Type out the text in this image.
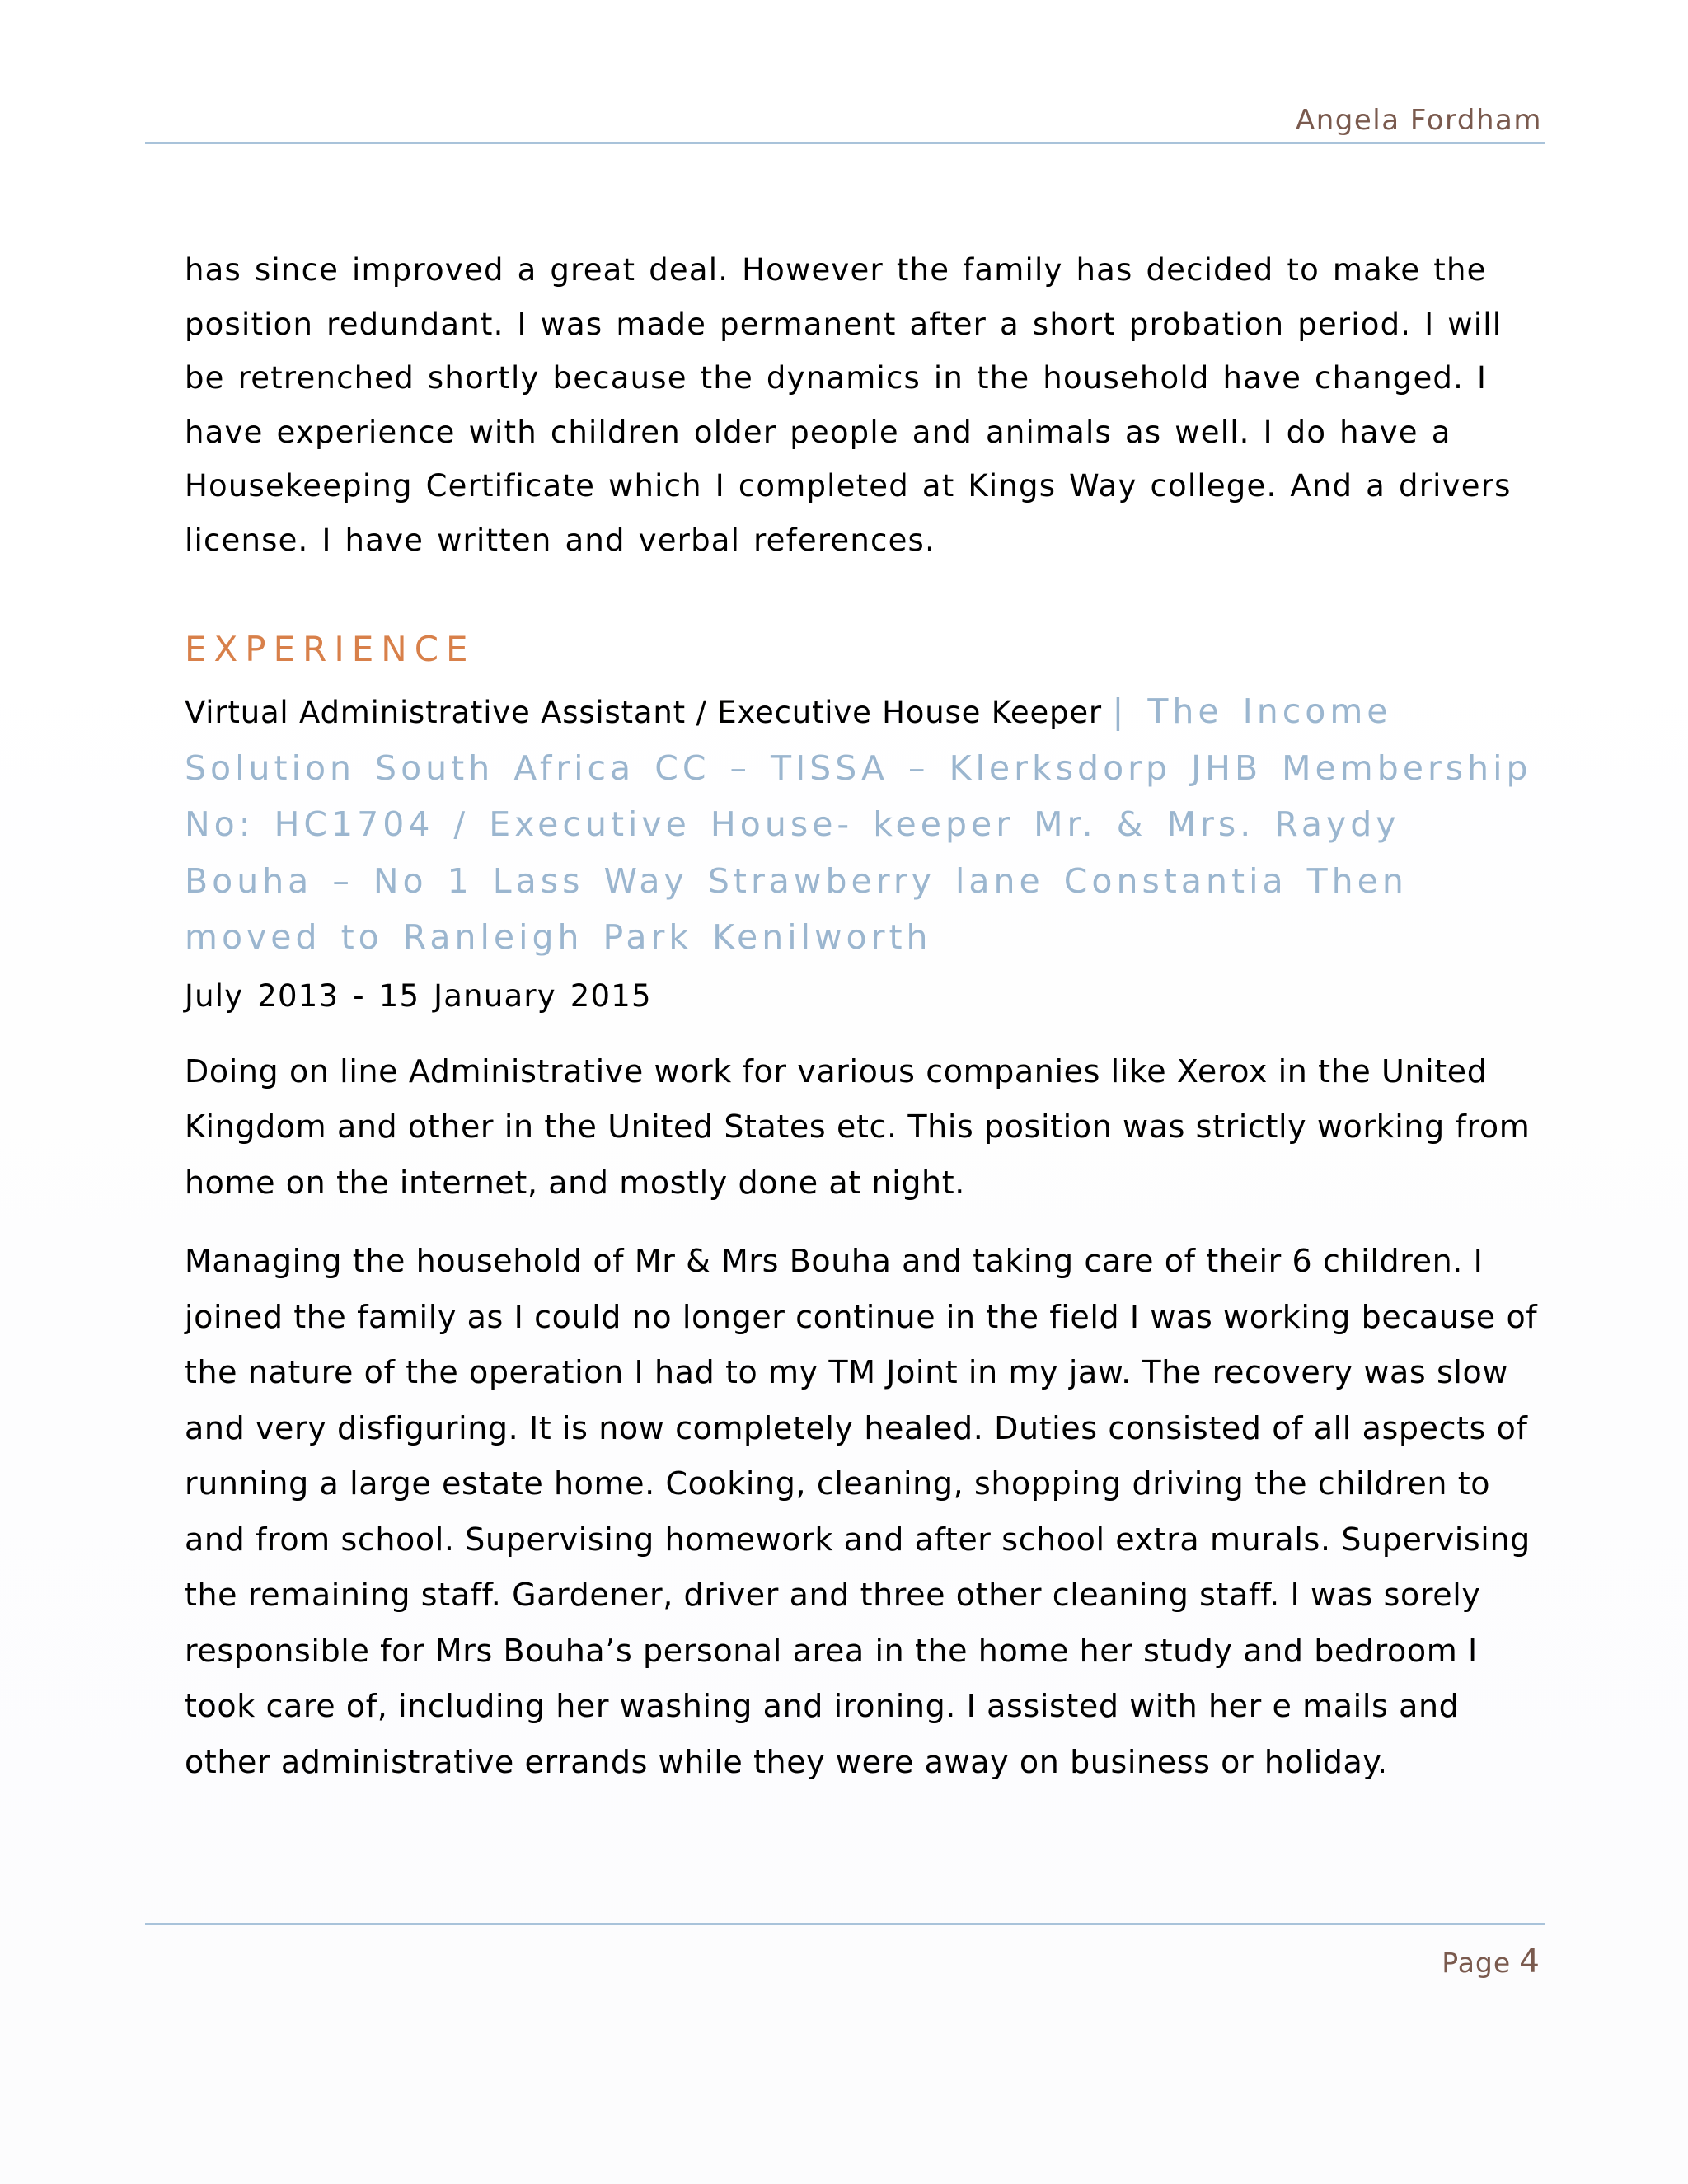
Angela Fordham

has since improved a great deal. However the family has decided to make the position redundant. I was made permanent after a short probation period. I will be retrenched shortly because the dynamics in the household have changed. I have experience with children older people and animals as well. I do have a Housekeeping Certificate which I completed at Kings Way college. And a drivers license. I have written and verbal references.

EXPERIENCE
Virtual Administrative Assistant / Executive House Keeper | The Income Solution South Africa CC – TISSA – Klerksdorp JHB Membership No: HC1704 / Executive House- keeper Mr. & Mrs. Raydy Bouha – No 1 Lass Way Strawberry lane Constantia Then moved to Ranleigh Park Kenilworth
July 2013 - 15 January 2015

Doing on line Administrative work for various companies like Xerox in the United Kingdom and other in the United States etc. This position was strictly working from home on the internet, and mostly done at night.

Managing the household of Mr & Mrs Bouha and taking care of their 6 children. I joined the family as I could no longer continue in the field I was working because of the nature of the operation I had to my TM Joint in my jaw. The recovery was slow and very disfiguring. It is now completely healed. Duties consisted of all aspects of running a large estate home. Cooking, cleaning, shopping driving the children to and from school. Supervising homework and after school extra murals. Supervising the remaining staff. Gardener, driver and three other cleaning staff. I was sorely responsible for Mrs Bouha’s personal area in the home her study and bedroom I took care of, including her washing and ironing. I assisted with her e mails and other administrative errands while they were away on business or holiday.

Page 4
